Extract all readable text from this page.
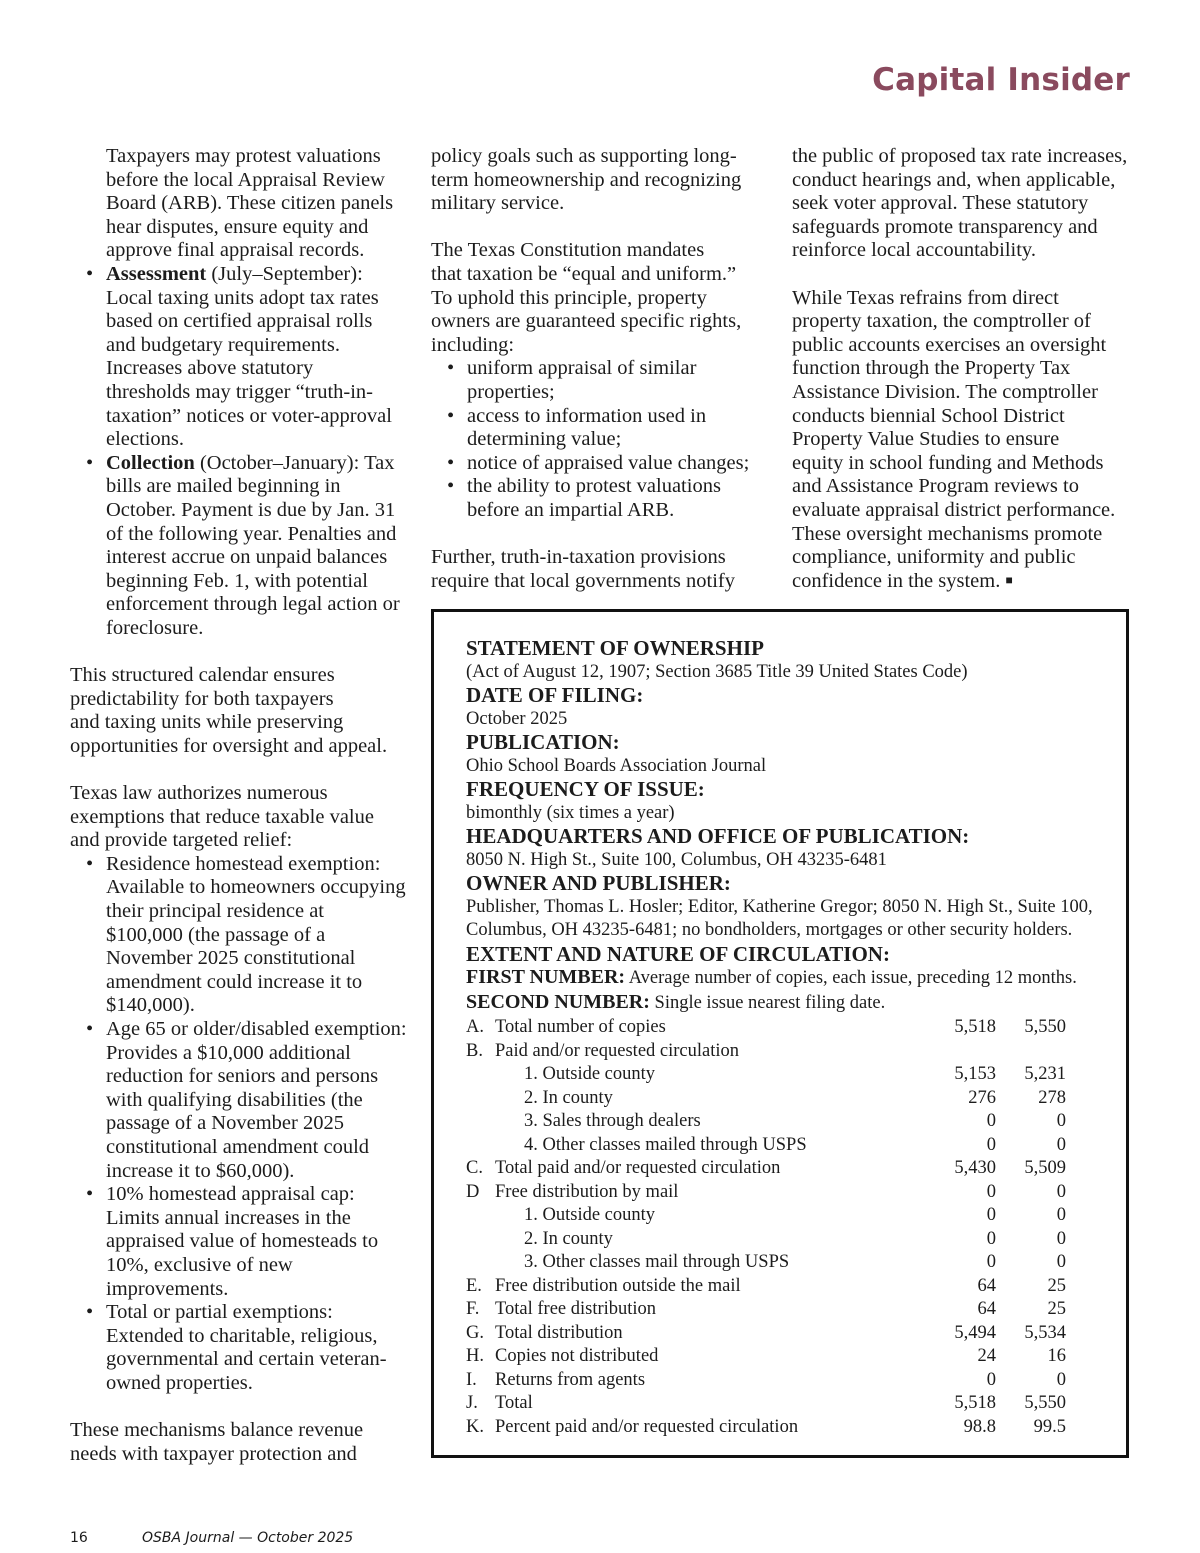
Capital Insider

Taxpayers may protest valuations

before the local Appraisal Review

Board (ARB). These citizen panels

hear disputes, ensure equity and

approve final appraisal records.

• Assessment (July–September):

Local taxing units adopt tax rates

based on certified appraisal rolls

and budgetary requirements.

Increases above statutory

thresholds may trigger “truth-in-

taxation” notices or voter-approval

elections.

• Collection (October–January): Tax

bills are mailed beginning in

October. Payment is due by Jan. 31

of the following year. Penalties and

interest accrue on unpaid balances

beginning Feb. 1, with potential

enforcement through legal action or

foreclosure.

This structured calendar ensures

predictability for both taxpayers

and taxing units while preserving

opportunities for oversight and appeal.

Texas law authorizes numerous

exemptions that reduce taxable value

and provide targeted relief:

• Residence homestead exemption:

Available to homeowners occupying

their principal residence at

$100,000 (the passage of a

November 2025 constitutional

amendment could increase it to

$140,000).

• Age 65 or older/disabled exemption:

Provides a $10,000 additional

reduction for seniors and persons

with qualifying disabilities (the

passage of a November 2025

constitutional amendment could

increase it to $60,000).

• 10% homestead appraisal cap:

Limits annual increases in the

appraised value of homesteads to

10%, exclusive of new

improvements.

• Total or partial exemptions:

Extended to charitable, religious,

governmental and certain veteran-

owned properties.

These mechanisms balance revenue

needs with taxpayer protection and

policy goals such as supporting long-

term homeownership and recognizing

military service.

The Texas Constitution mandates

that taxation be “equal and uniform.”

To uphold this principle, property

owners are guaranteed specific rights,

including:

• uniform appraisal of similar

properties;

• access to information used in

determining value;

• notice of appraised value changes;

• the ability to protest valuations

before an impartial ARB.

Further, truth-in-taxation provisions

require that local governments notify

the public of proposed tax rate increases,

conduct hearings and, when applicable,

seek voter approval. These statutory

safeguards promote transparency and

reinforce local accountability.

While Texas refrains from direct

property taxation, the comptroller of

public accounts exercises an oversight

function through the Property Tax

Assistance Division. The comptroller

conducts biennial School District

Property Value Studies to ensure

equity in school funding and Methods

and Assistance Program reviews to

evaluate appraisal district performance.

These oversight mechanisms promote

compliance, uniformity and public

confidence in the system. ■

STATEMENT OF OWNERSHIP
(Act of August 12, 1907; Section 3685 Title 39 United States Code)
DATE OF FILING:
October 2025
PUBLICATION:
Ohio School Boards Association Journal
FREQUENCY OF ISSUE:
bimonthly (six times a year)
HEADQUARTERS AND OFFICE OF PUBLICATION:
8050 N. High St., Suite 100, Columbus, OH 43235-6481
OWNER AND PUBLISHER:
Publisher, Thomas L. Hosler; Editor, Katherine Gregor; 8050 N. High St., Suite 100,
Columbus, OH 43235-6481; no bondholders, mortgages or other security holders.
EXTENT AND NATURE OF CIRCULATION:
FIRST NUMBER: Average number of copies, each issue, preceding 12 months.
SECOND NUMBER: Single issue nearest filing date.
A.	Total number of copies	5,518	5,550
B.	Paid and/or requested circulation		
	1. Outside county	5,153	5,231
	2. In county	276	278
	3. Sales through dealers	0	0
	4. Other classes mailed through USPS	0	0
C.	Total paid and/or requested circulation	5,430	5,509
D	Free distribution by mail	0	0
	1. Outside county	0	0
	2. In county	0	0
	3. Other classes mail through USPS	0	0
E.	Free distribution outside the mail	64	25
F.	Total free distribution	64	25
G.	Total distribution	5,494	5,534
H.	Copies not distributed	24	16
I.	Returns from agents	0	0
J.	Total	5,518	5,550
K.	Percent paid and/or requested circulation	98.8	99.5
16	OSBA Journal — October 2025
